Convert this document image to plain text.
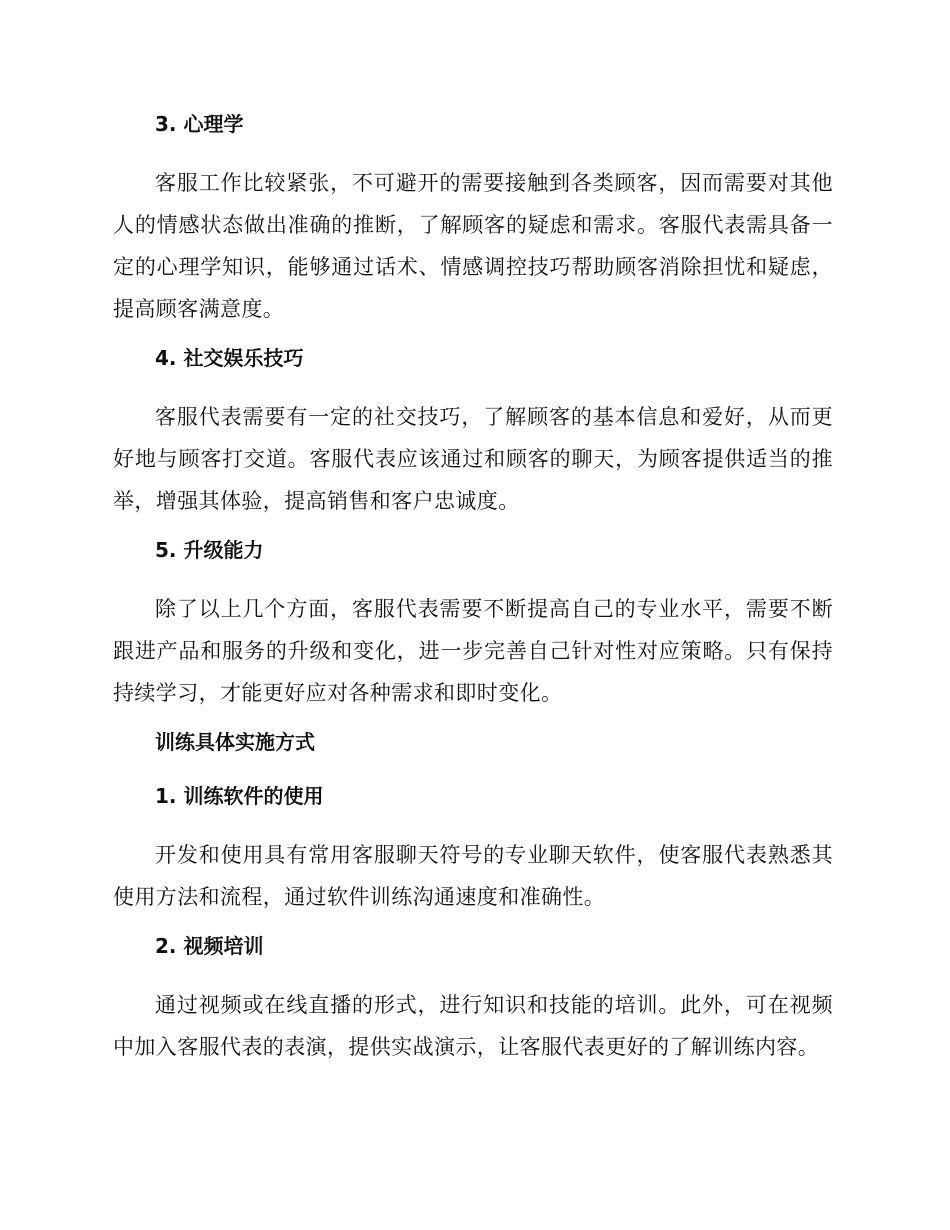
3. 心理学

客服工作比较紧张，不可避开的需要接触到各类顾客，因而需要对其他人的情感状态做出准确的推断，了解顾客的疑虑和需求。客服代表需具备一定的心理学知识，能够通过话术、情感调控技巧帮助顾客消除担忧和疑虑，提高顾客满意度。

4. 社交娱乐技巧

客服代表需要有一定的社交技巧，了解顾客的基本信息和爱好，从而更好地与顾客打交道。客服代表应该通过和顾客的聊天，为顾客提供适当的推举，增强其体验，提高销售和客户忠诚度。

5. 升级能力

除了以上几个方面，客服代表需要不断提高自己的专业水平，需要不断跟进产品和服务的升级和变化，进一步完善自己针对性对应策略。只有保持持续学习，才能更好应对各种需求和即时变化。

训练具体实施方式
1. 训练软件的使用

开发和使用具有常用客服聊天符号的专业聊天软件，使客服代表熟悉其使用方法和流程，通过软件训练沟通速度和准确性。

2. 视频培训

通过视频或在线直播的形式，进行知识和技能的培训。此外，可在视频中加入客服代表的表演，提供实战演示，让客服代表更好的了解训练内容。
